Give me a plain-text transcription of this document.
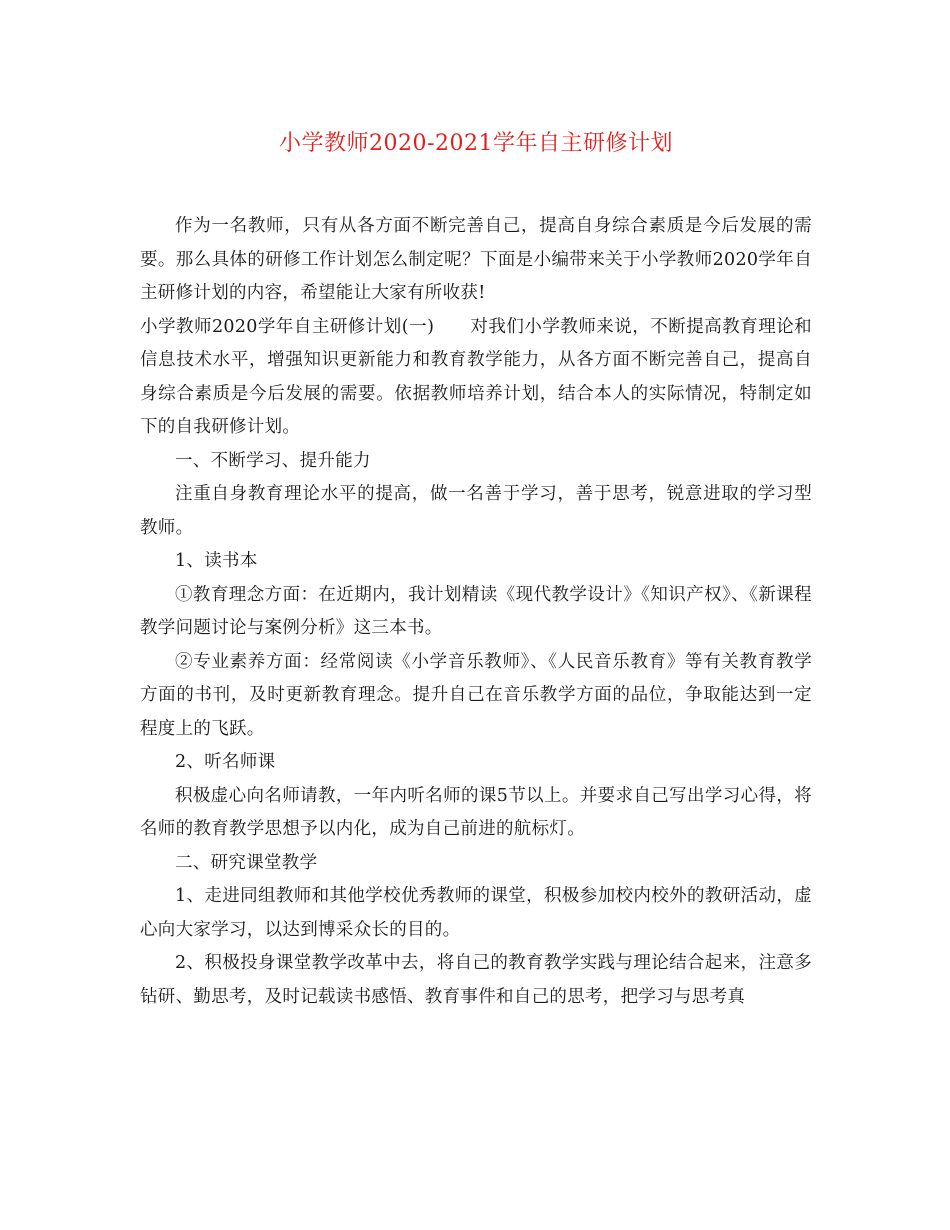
小学教师2020-2021学年自主研修计划

作为一名教师，只有从各方面不断完善自己，提高自身综合素质是今后发展的需要。那么具体的研修工作计划怎么制定呢？下面是小编带来关于小学教师2020学年自主研修计划的内容，希望能让大家有所收获!

小学教师2020学年自主研修计划(一)　　对我们小学教师来说，不断提高教育理论和信息技术水平，增强知识更新能力和教育教学能力，从各方面不断完善自己，提高自身综合素质是今后发展的需要。依据教师培养计划，结合本人的实际情况，特制定如下的自我研修计划。

一、不断学习、提升能力

注重自身教育理论水平的提高，做一名善于学习，善于思考，锐意进取的学习型教师。

1、读书本

①教育理念方面：在近期内，我计划精读《现代教学设计》《知识产权》、《新课程教学问题讨论与案例分析》这三本书。

②专业素养方面：经常阅读《小学音乐教师》、《人民音乐教育》等有关教育教学方面的书刊，及时更新教育理念。提升自己在音乐教学方面的品位，争取能达到一定程度上的飞跃。

2、听名师课

积极虚心向名师请教，一年内听名师的课5节以上。并要求自己写出学习心得，将名师的教育教学思想予以内化，成为自己前进的航标灯。

二、研究课堂教学

1、走进同组教师和其他学校优秀教师的课堂，积极参加校内校外的教研活动，虚心向大家学习，以达到博采众长的目的。

2、积极投身课堂教学改革中去，将自己的教育教学实践与理论结合起来，注意多钻研、勤思考，及时记载读书感悟、教育事件和自己的思考，把学习与思考真
